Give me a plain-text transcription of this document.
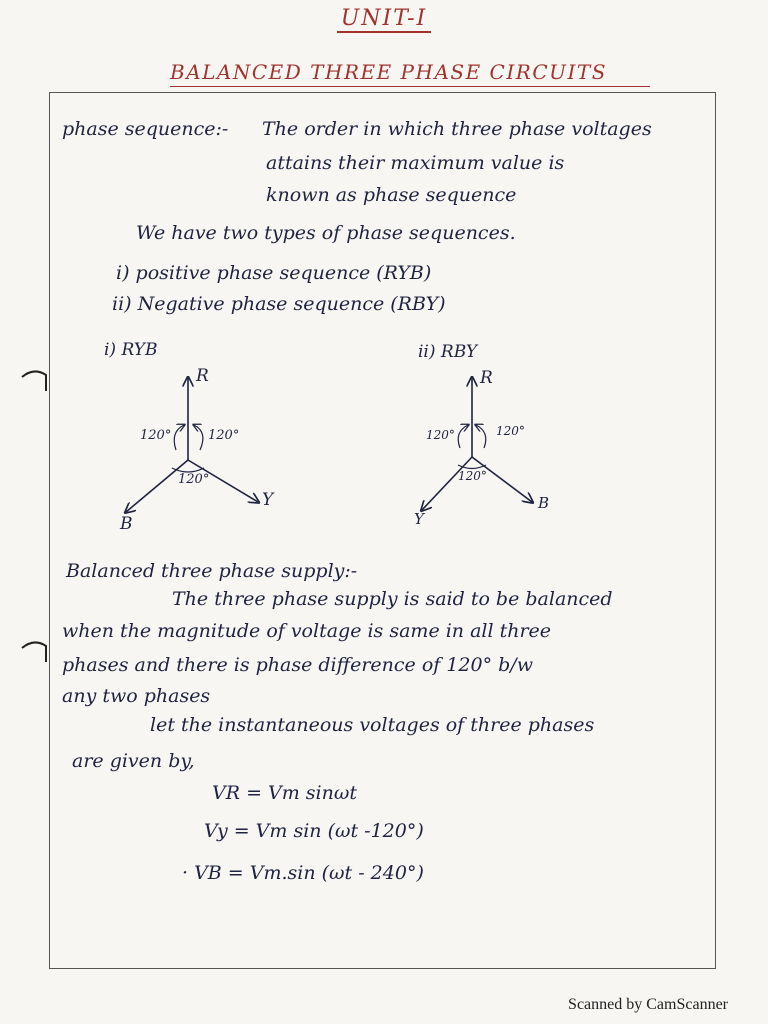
UNIT-I
BALANCED THREE PHASE CIRCUITS
phase sequence:- The order in which three phase voltages
attains their maximum value is
known as phase sequence
We have two types of phase sequences.
i) positive phase sequence (RYB)
ii) Negative phase sequence (RBY)
i) RYB
R
Y
B
120°	120°
120°
ii) RBY
R
Y
B
120°	120°
120°
Balanced three phase supply:-
The three phase supply is said to be balanced
when the magnitude of voltage is same in all three
phases and there is phase difference of 120° b/w
any two phases
let the instantaneous voltages of three phases
are given by,
VR = Vm sinωt
Vy = Vm sin (ωt -120°)
· VB = Vm.sin (ωt - 240°)
Scanned by CamScanner
